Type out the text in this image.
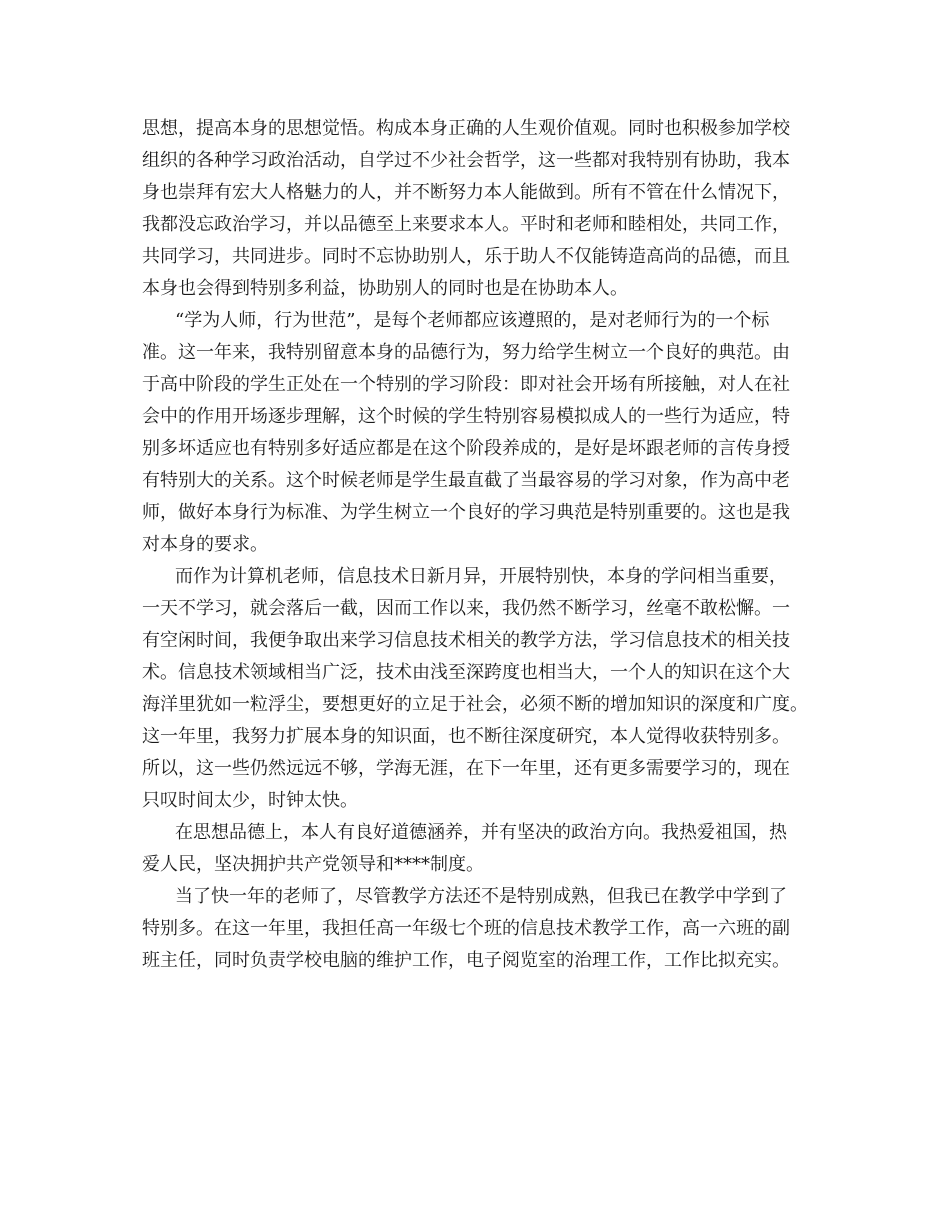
思想，提高本身的思想觉悟。构成本身正确的人生观价值观。同时也积极参加学校
组织的各种学习政治活动，自学过不少社会哲学，这一些都对我特别有协助，我本
身也崇拜有宏大人格魅力的人，并不断努力本人能做到。所有不管在什么情况下，
我都没忘政治学习，并以品德至上来要求本人。平时和老师和睦相处，共同工作，
共同学习，共同进步。同时不忘协助别人，乐于助人不仅能铸造高尚的品德，而且
本身也会得到特别多利益，协助别人的同时也是在协助本人。
“学为人师，行为世范”，是每个老师都应该遵照的，是对老师行为的一个标
准。这一年来，我特别留意本身的品德行为，努力给学生树立一个良好的典范。由
于高中阶段的学生正处在一个特别的学习阶段：即对社会开场有所接触，对人在社
会中的作用开场逐步理解，这个时候的学生特别容易模拟成人的一些行为适应，特
别多坏适应也有特别多好适应都是在这个阶段养成的，是好是坏跟老师的言传身授
有特别大的关系。这个时候老师是学生最直截了当最容易的学习对象，作为高中老
师，做好本身行为标准、为学生树立一个良好的学习典范是特别重要的。这也是我
对本身的要求。
而作为计算机老师，信息技术日新月异，开展特别快，本身的学问相当重要，
一天不学习，就会落后一截，因而工作以来，我仍然不断学习，丝毫不敢松懈。一
有空闲时间，我便争取出来学习信息技术相关的教学方法，学习信息技术的相关技
术。信息技术领域相当广泛，技术由浅至深跨度也相当大，一个人的知识在这个大
海洋里犹如一粒浮尘，要想更好的立足于社会，必须不断的增加知识的深度和广度。
这一年里，我努力扩展本身的知识面，也不断往深度研究，本人觉得收获特别多。
所以，这一些仍然远远不够，学海无涯，在下一年里，还有更多需要学习的，现在
只叹时间太少，时钟太快。
在思想品德上，本人有良好道德涵养，并有坚决的政治方向。我热爱祖国，热
爱人民，坚决拥护共产党领导和****制度。
当了快一年的老师了，尽管教学方法还不是特别成熟，但我已在教学中学到了
特别多。在这一年里，我担任高一年级七个班的信息技术教学工作，高一六班的副
班主任，同时负责学校电脑的维护工作，电子阅览室的治理工作，工作比拟充实。
